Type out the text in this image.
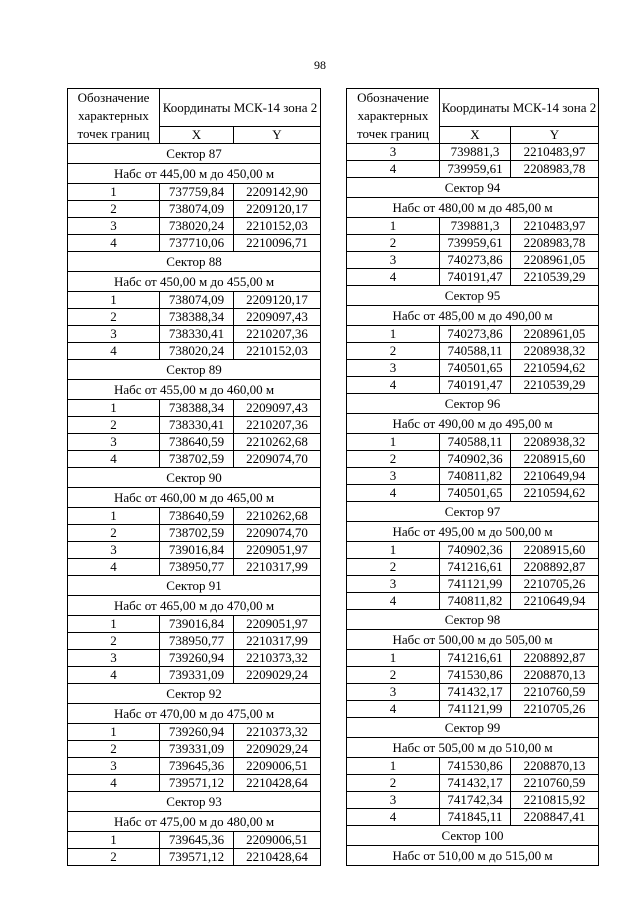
98
Обозначение характерных точек границ	Координаты МСК-14 зона 2	
	X	Y
Сектор 87		
Набс от 445,00 м до 450,00 м		
1	737759,84	2209142,90
2	738074,09	2209120,17
3	738020,24	2210152,03
4	737710,06	2210096,71
Сектор 88		
Набс от 450,00 м до 455,00 м		
1	738074,09	2209120,17
2	738388,34	2209097,43
3	738330,41	2210207,36
4	738020,24	2210152,03
Сектор 89		
Набс от 455,00 м до 460,00 м		
1	738388,34	2209097,43
2	738330,41	2210207,36
3	738640,59	2210262,68
4	738702,59	2209074,70
Сектор 90		
Набс от 460,00 м до 465,00 м		
1	738640,59	2210262,68
2	738702,59	2209074,70
3	739016,84	2209051,97
4	738950,77	2210317,99
Сектор 91		
Набс от 465,00 м до 470,00 м		
1	739016,84	2209051,97
2	738950,77	2210317,99
3	739260,94	2210373,32
4	739331,09	2209029,24
Сектор 92		
Набс от 470,00 м до 475,00 м		
1	739260,94	2210373,32
2	739331,09	2209029,24
3	739645,36	2209006,51
4	739571,12	2210428,64
Сектор 93		
Набс от 475,00 м до 480,00 м		
1	739645,36	2209006,51
2	739571,12	2210428,64
Обозначение характерных точек границ	Координаты МСК-14 зона 2	
	X	Y
3	739881,3	2210483,97
4	739959,61	2208983,78
Сектор 94		
Набс от 480,00 м до 485,00 м		
1	739881,3	2210483,97
2	739959,61	2208983,78
3	740273,86	2208961,05
4	740191,47	2210539,29
Сектор 95		
Набс от 485,00 м до 490,00 м		
1	740273,86	2208961,05
2	740588,11	2208938,32
3	740501,65	2210594,62
4	740191,47	2210539,29
Сектор 96		
Набс от 490,00 м до 495,00 м		
1	740588,11	2208938,32
2	740902,36	2208915,60
3	740811,82	2210649,94
4	740501,65	2210594,62
Сектор 97		
Набс от 495,00 м до 500,00 м		
1	740902,36	2208915,60
2	741216,61	2208892,87
3	741121,99	2210705,26
4	740811,82	2210649,94
Сектор 98		
Набс от 500,00 м до 505,00 м		
1	741216,61	2208892,87
2	741530,86	2208870,13
3	741432,17	2210760,59
4	741121,99	2210705,26
Сектор 99		
Набс от 505,00 м до 510,00 м		
1	741530,86	2208870,13
2	741432,17	2210760,59
3	741742,34	2210815,92
4	741845,11	2208847,41
Сектор 100		
Набс от 510,00 м до 515,00 м		
